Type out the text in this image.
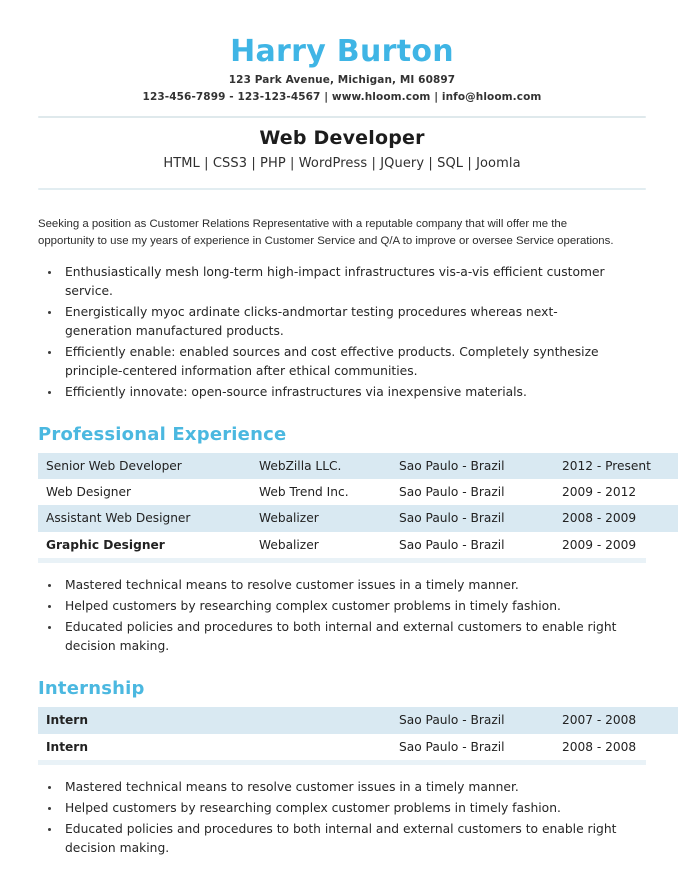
Harry Burton
123 Park Avenue, Michigan, MI 60897
123-456-7899 - 123-123-4567 | www.hloom.com | info@hloom.com
Web Developer
HTML | CSS3 | PHP | WordPress | JQuery | SQL | Joomla

Seeking a position as Customer Relations Representative with a reputable company that will offer me the opportunity to use my years of experience in Customer Service and Q/A to improve or oversee Service operations.

Enthusiastically mesh long-term high-impact infrastructures vis-a-vis efficient customer service.
Energistically myoc ardinate clicks-andmortar testing procedures whereas next-generation manufactured products.
Efficiently enable: enabled sources and cost effective products. Completely synthesize principle-centered information after ethical communities.
Efficiently innovate: open-source infrastructures via inexpensive materials.
Professional Experience
Senior Web Developer	WebZilla LLC.	Sao Paulo - Brazil	2012 - Present
Web Designer	Web Trend Inc.	Sao Paulo - Brazil	2009 - 2012
Assistant Web Designer	Webalizer	Sao Paulo - Brazil	2008 - 2009
Graphic Designer	Webalizer	Sao Paulo - Brazil	2009 - 2009
Mastered technical means to resolve customer issues in a timely manner.
Helped customers by researching complex customer problems in timely fashion.
Educated policies and procedures to both internal and external customers to enable right decision making.
Internship
Intern		Sao Paulo - Brazil	2007 - 2008
Intern		Sao Paulo - Brazil	2008 - 2008
Mastered technical means to resolve customer issues in a timely manner.
Helped customers by researching complex customer problems in timely fashion.
Educated policies and procedures to both internal and external customers to enable right decision making.
